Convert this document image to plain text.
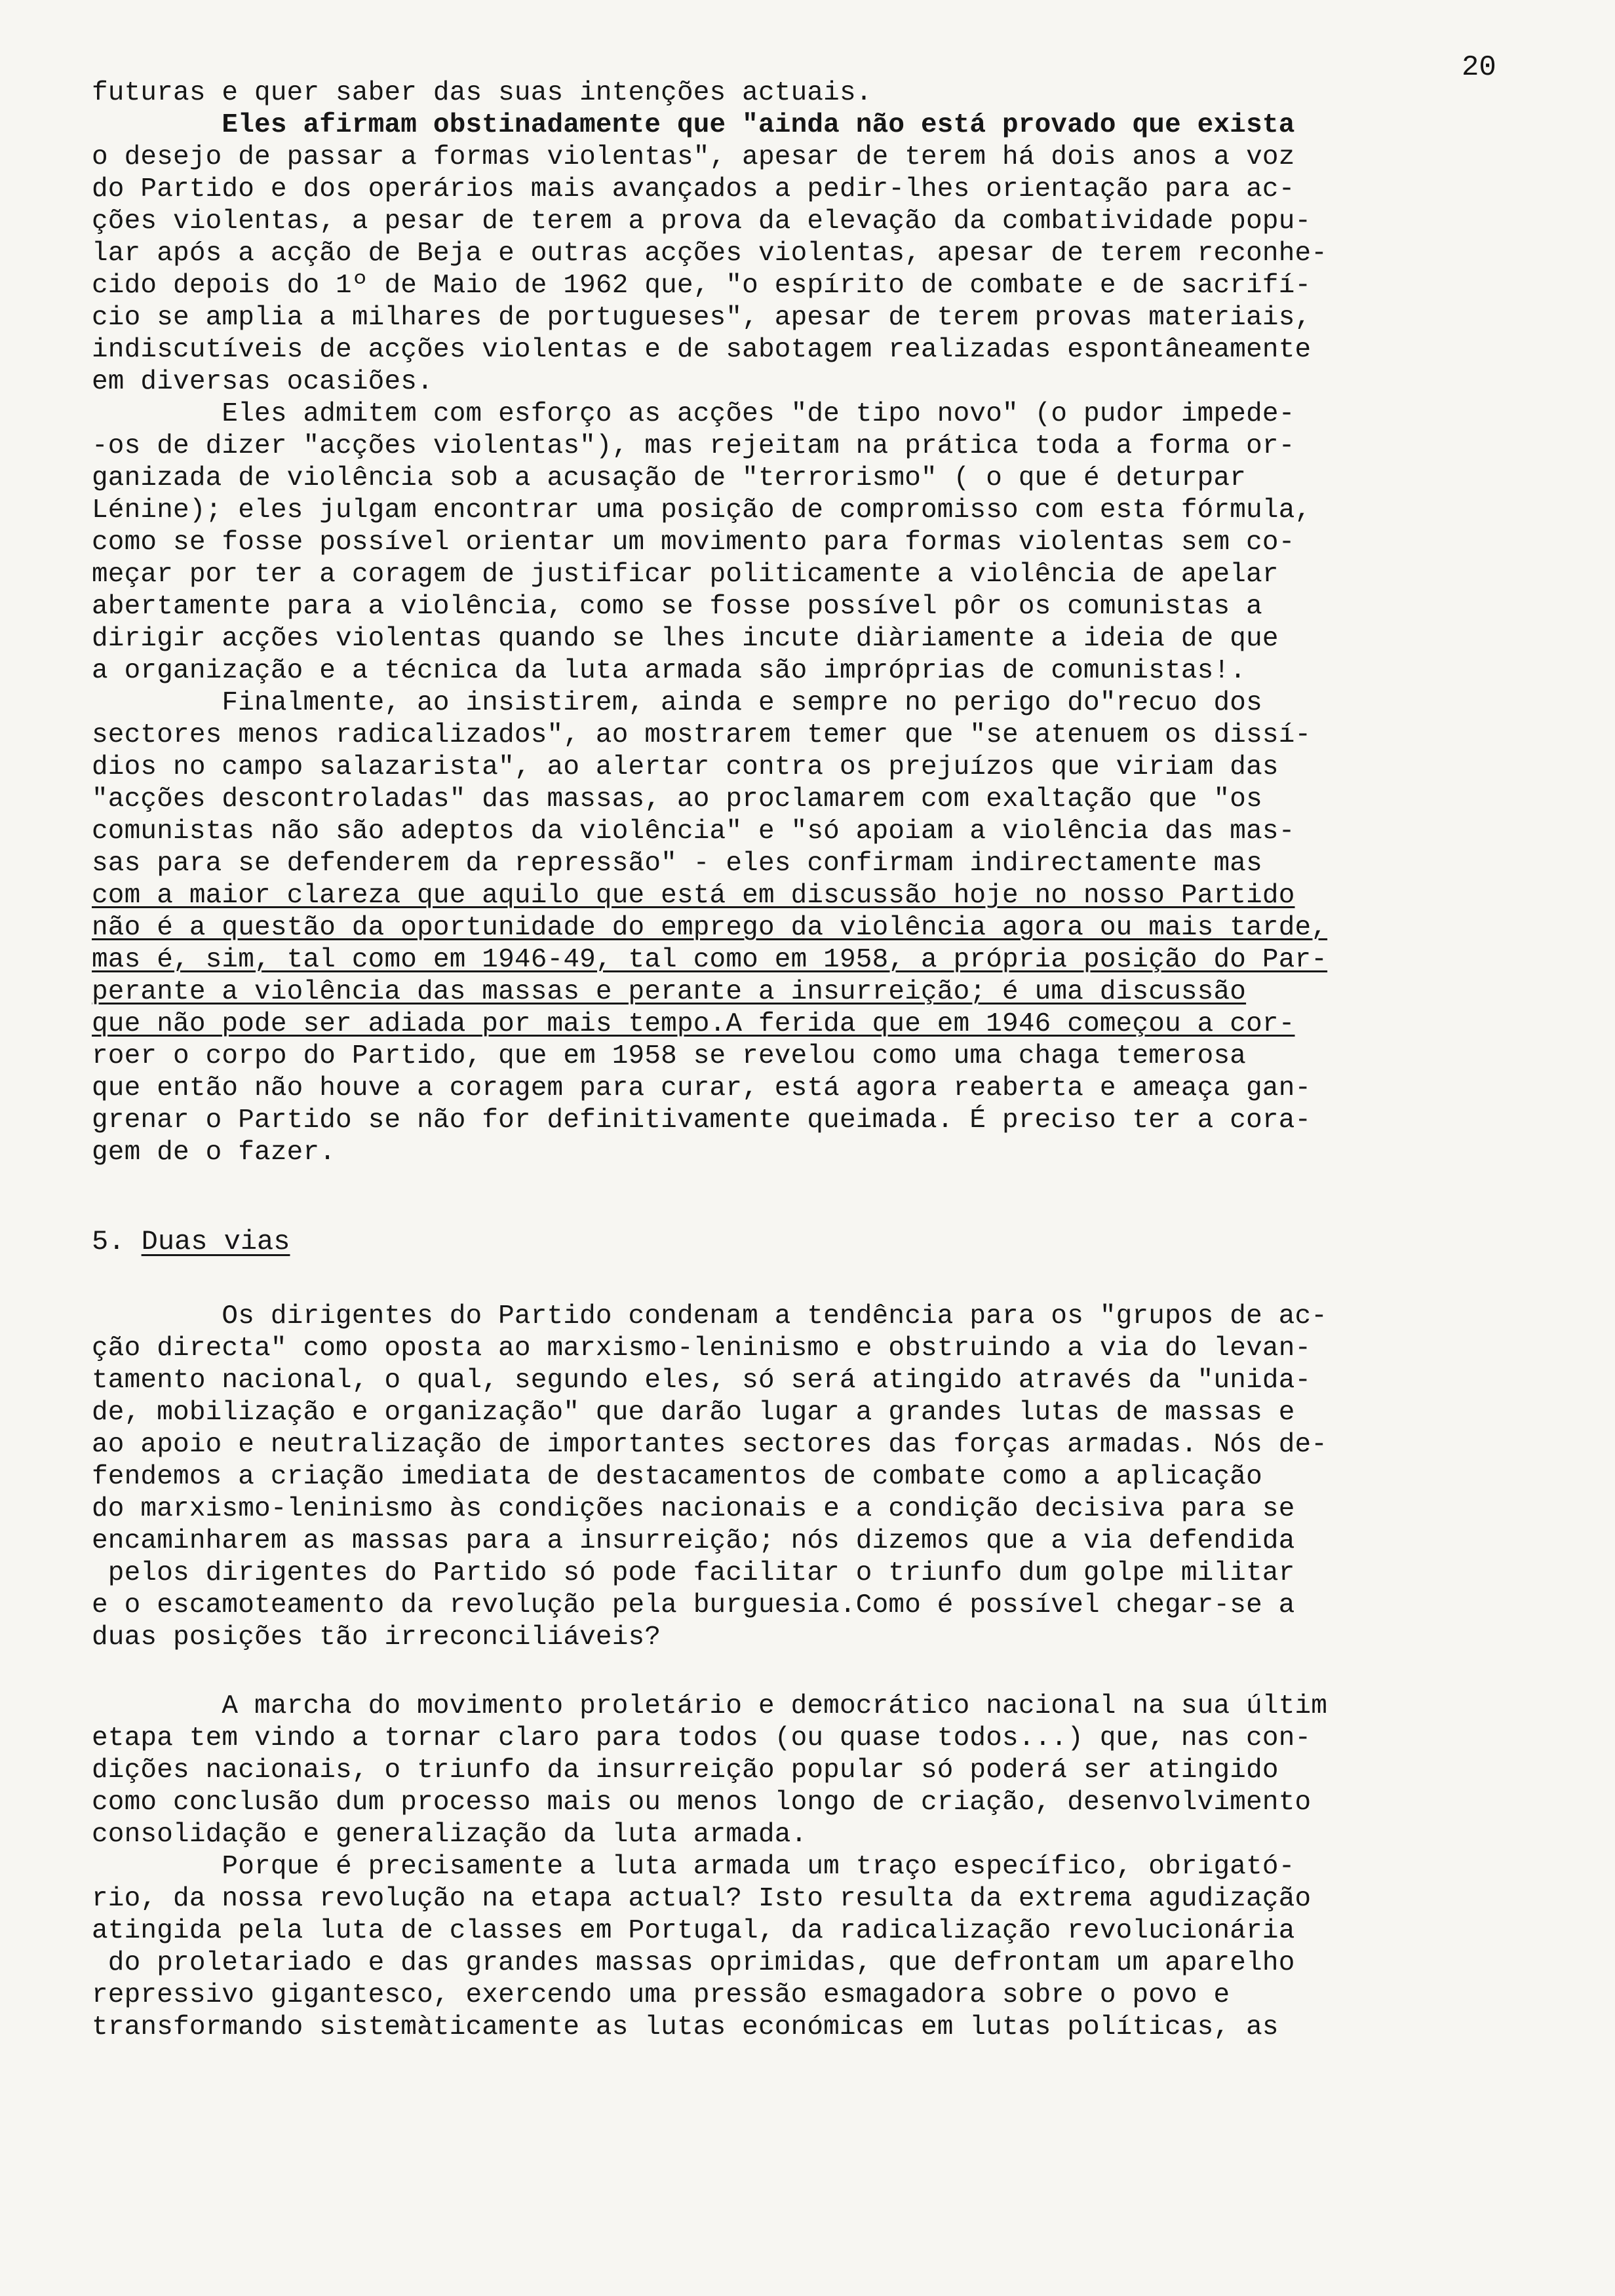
20
futuras e quer saber das suas intenções actuais.
Eles afirmam obstinadamente que "ainda não está provado que exista
o desejo de passar a formas violentas", apesar de terem há dois anos a voz
do Partido e dos operários mais avançados a pedir-lhes orientação para ac-
ções violentas, a pesar de terem a prova da elevação da combatividade popu-
lar após a acção de Beja e outras acções violentas, apesar de terem reconhe-
cido depois do 1º de Maio de 1962 que, "o espírito de combate e de sacrifí-
cio se amplia a milhares de portugueses", apesar de terem provas materiais,
indiscutíveis de acções violentas e de sabotagem realizadas espontâneamente
em diversas ocasiões.
Eles admitem com esforço as acções "de tipo novo" (o pudor impede-
-os de dizer "acções violentas"), mas rejeitam na prática toda a forma or-
ganizada de violência sob a acusação de "terrorismo" ( o que é deturpar
Lénine); eles julgam encontrar uma posição de compromisso com esta fórmula,
como se fosse possível orientar um movimento para formas violentas sem co-
meçar por ter a coragem de justificar politicamente a violência de apelar
abertamente para a violência, como se fosse possível pôr os comunistas a
dirigir acções violentas quando se lhes incute diàriamente a ideia de que
a organização e a técnica da luta armada são impróprias de comunistas!.
Finalmente, ao insistirem, ainda e sempre no perigo do"recuo dos
sectores menos radicalizados", ao mostrarem temer que "se atenuem os dissí-
dios no campo salazarista", ao alertar contra os prejuízos que viriam das
"acções descontroladas" das massas, ao proclamarem com exaltação que "os
comunistas não são adeptos da violência" e "só apoiam a violência das mas-
sas para se defenderem da repressão" - eles confirmam indirectamente mas
com a maior clareza que aquilo que está em discussão hoje no nosso Partido
não é a questão da oportunidade do emprego da violência agora ou mais tarde,
mas é, sim, tal como em 1946-49, tal como em 1958, a própria posição do Par-
perante a violência das massas e perante a insurreição; é uma discussão
que não pode ser adiada por mais tempo.A ferida que em 1946 começou a cor-
roer o corpo do Partido, que em 1958 se revelou como uma chaga temerosa
que então não houve a coragem para curar, está agora reaberta e ameaça gan-
grenar o Partido se não for definitivamente queimada. É preciso ter a cora-
gem de o fazer.
5. Duas vias
Os dirigentes do Partido condenam a tendência para os "grupos de ac-
ção directa" como oposta ao marxismo-leninismo e obstruindo a via do levan-
tamento nacional, o qual, segundo eles, só será atingido através da "unida-
de, mobilização e organização" que darão lugar a grandes lutas de massas e
ao apoio e neutralização de importantes sectores das forças armadas. Nós de-
fendemos a criação imediata de destacamentos de combate como a aplicação
do marxismo-leninismo às condições nacionais e a condição decisiva para se
encaminharem as massas para a insurreição; nós dizemos que a via defendida
pelos dirigentes do Partido só pode facilitar o triunfo dum golpe militar
e o escamoteamento da revolução pela burguesia.Como é possível chegar-se a
duas posições tão irreconciliáveis?
A marcha do movimento proletário e democrático nacional na sua últim
etapa tem vindo a tornar claro para todos (ou quase todos...) que, nas con-
dições nacionais, o triunfo da insurreição popular só poderá ser atingido
como conclusão dum processo mais ou menos longo de criação, desenvolvimento
consolidação e generalização da luta armada.
Porque é precisamente a luta armada um traço específico, obrigató-
rio, da nossa revolução na etapa actual? Isto resulta da extrema agudização
atingida pela luta de classes em Portugal, da radicalização revolucionária
do proletariado e das grandes massas oprimidas, que defrontam um aparelho
repressivo gigantesco, exercendo uma pressão esmagadora sobre o povo e
transformando sistemàticamente as lutas económicas em lutas políticas, as
